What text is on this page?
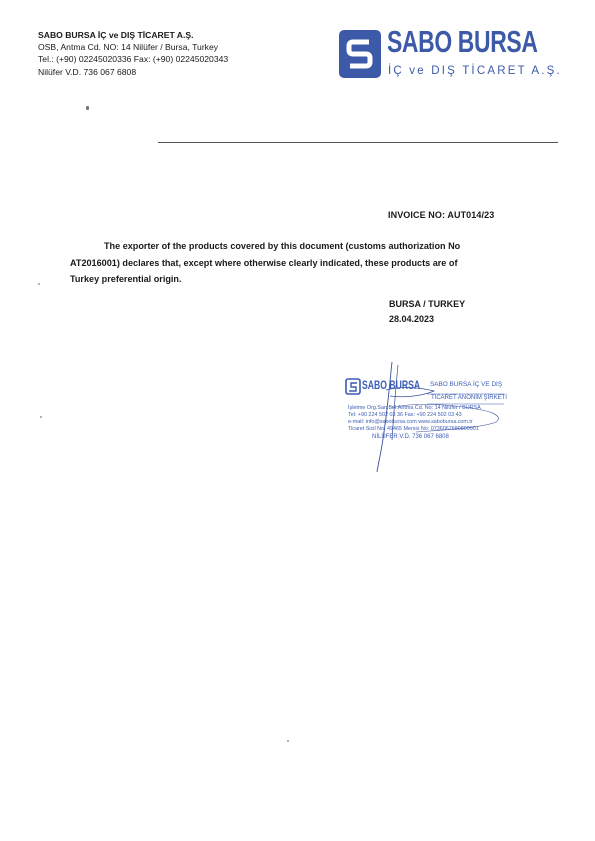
SABO BURSA İÇ ve DIŞ TİCARET A.Ş.
OSB, Antma Cd. NO: 14 Nilüfer / Bursa, Turkey
Tel.: (+90) 02245020336 Fax: (+90) 02245020343
Nilüfer V.D. 736 067 6808
SABO BURSA
İÇ ve DIŞ TİCARET A.Ş.
INVOICE NO: AUT014/23
The exporter of the products covered by this document (customs authorization No
AT2016001) declares that, except where otherwise clearly indicated, these products are of
Turkey preferential origin.
BURSA / TURKEY
28.04.2023
SABO BURSA SABO BURSA İÇ VE DIŞ
TİCARET ANONİM ŞİRKETİ
İşletme Org.San.Böl.Antma Cd. No: 14 Nilüfer / BURSA
Tel: +90 224 502 03 36 Fax: +90 224 502 03 43
e-mail: info@sabobursa.com www.sabobursa.com.tr
Ticaret Sicil No: 49465 Mersis No: 0736067680800001
NİLÜFER V.D. 736 067 6808
